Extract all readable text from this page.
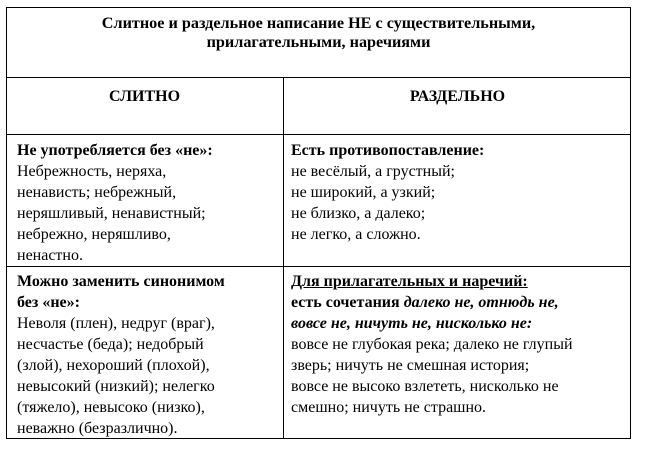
Слитное и раздельное написание НЕ с существительными,
прилагательными, наречиями
СЛИТНО	РАЗДЕЛЬНО
Не употребляется без «не»:
Небрежность, неряха,
ненависть; небрежный,
неряшливый, ненавистный;
небрежно, неряшливо,
ненастно.
Есть противопоставление:
не весёлый, а грустный;
не широкий, а узкий;
не близко, а далеко;
не легко, а сложно.
Можно заменить синонимом
без «не»:
Неволя (плен), недруг (враг),
несчастье (беда); недобрый
(злой), нехороший (плохой),
невысокий (низкий); нелегко
(тяжело), невысоко (низко),
неважно (безразлично).
Для прилагательных и наречий:
есть сочетания далеко не, отнюдь не,
вовсе не, ничуть не, нисколько не:
вовсе не глубокая река; далеко не глупый
зверь; ничуть не смешная история;
вовсе не высоко взлететь, нисколько не
смешно; ничуть не страшно.
